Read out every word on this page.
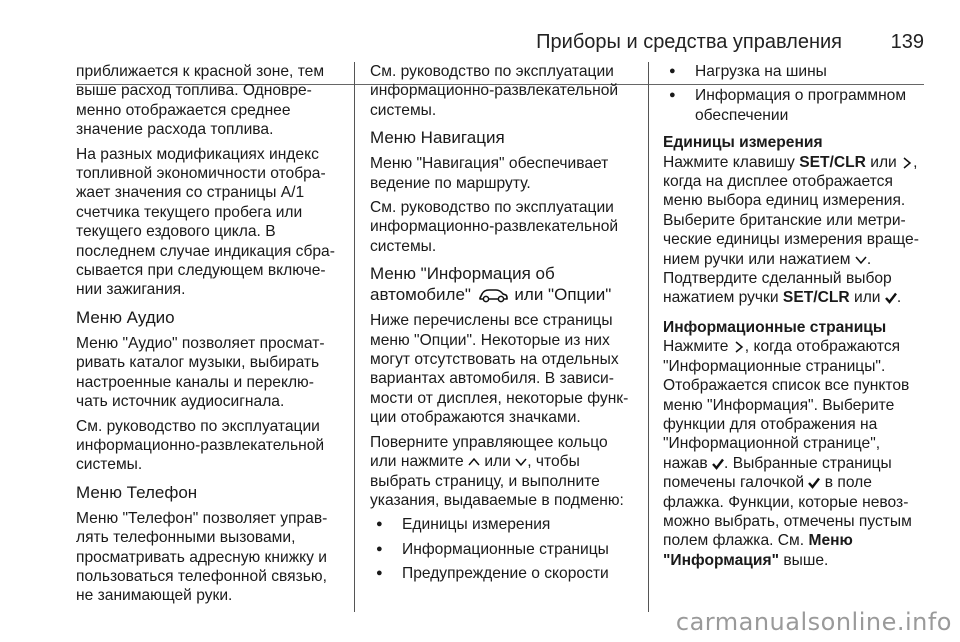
Приборы и средства управления 139
приближается к красной зоне, тем
выше расход топлива. Одновре-
менно отображается среднее
значение расхода топлива.
На разных модификациях индекс
топливной экономичности отобра-
жает значения со страницы A/1
счетчика текущего пробега или
текущего ездового цикла. В
последнем случае индикация сбра-
сывается при следующем включе-
нии зажигания.
Меню Аудио
Меню "Аудио" позволяет просмат-
ривать каталог музыки, выбирать
настроенные каналы и переклю-
чать источник аудиосигнала.
См. руководство по эксплуатации
информационно-развлекательной
системы.
Меню Телефон
Меню "Телефон" позволяет управ-
лять телефонными вызовами,
просматривать адресную книжку и
пользоваться телефонной связью,
не занимающей руки.
См. руководство по эксплуатации
информационно-развлекательной
системы.
Меню Навигация
Меню "Навигация" обеспечивает
ведение по маршруту.
См. руководство по эксплуатации
информационно-развлекательной
системы.
Меню "Информация об
автомобиле"	или "Опции"
Ниже перечислены все страницы
меню "Опции". Некоторые из них
могут отсутствовать на отдельных
вариантах автомобиля. В зависи-
мости от дисплея, некоторые функ-
ции отображаются значками.
Поверните управляющее кольцо
или нажмите или , чтобы
выбрать страницу, и выполните
указания, выдаваемые в подменю:
● Единицы измерения
● Информационные страницы
● Предупреждение о скорости
● Нагрузка на шины
● Информация о программном
обеспечении
Единицы измерения
Нажмите клавишу SET/CLR или ,
когда на дисплее отображается
меню выбора единиц измерения.
Выберите британские или метри-
ческие единицы измерения враще-
нием ручки или нажатием .
Подтвердите сделанный выбор
нажатием ручки SET/CLR или .
Информационные страницы
Нажмите , когда отображаются
"Информационные страницы".
Отображается список все пунктов
меню "Информация". Выберите
функции для отображения на
"Информационной странице",
нажав . Выбранные страницы
помечены галочкой в поле
флажка. Функции, которые невоз-
можно выбрать, отмечены пустым
полем флажка. См. Меню
"Информация" выше.
carmanualsonline.info
